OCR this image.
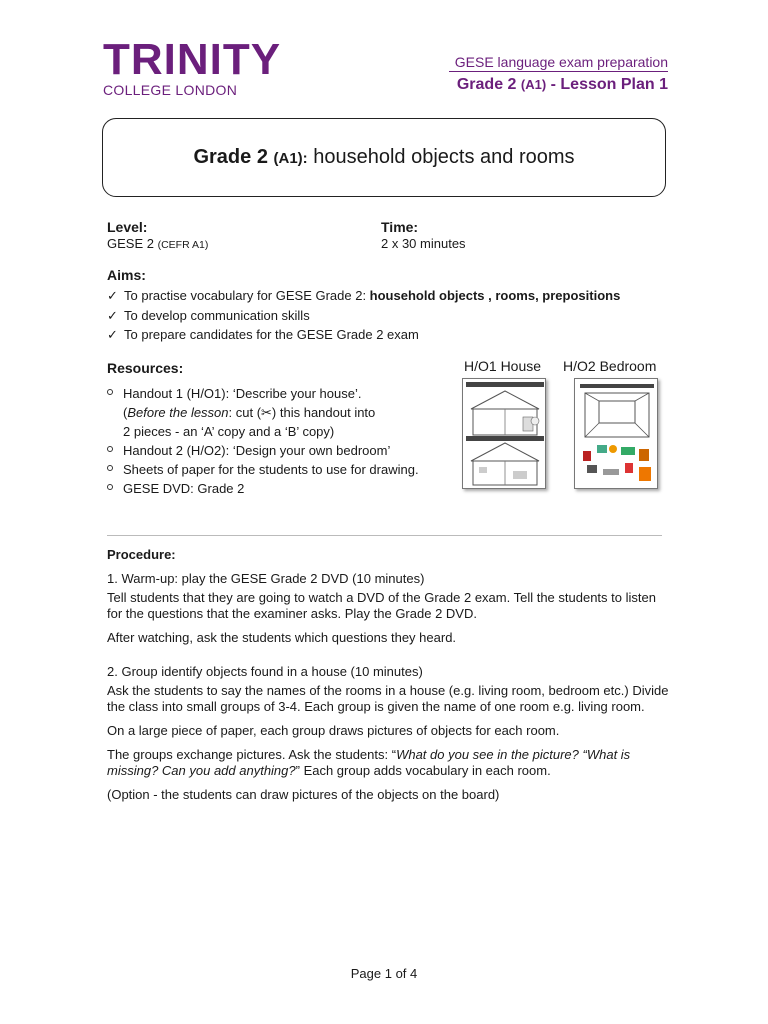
TRINITY
COLLEGE LONDON
GESE language exam preparation
Grade 2 (A1) - Lesson Plan 1
Grade 2 (A1): household objects and rooms
Level:
GESE 2 (CEFR A1)
Time:
2 x 30 minutes
Aims:
✓ To practise vocabulary for GESE Grade 2: household objects , rooms, prepositions
✓ To develop communication skills
✓ To prepare candidates for the GESE Grade 2 exam
Resources:
Handout 1 (H/O1): ‘Describe your house’.
(Before the lesson: cut (✂) this handout into
2 pieces - an ‘A’ copy and a ‘B’ copy)
Handout 2 (H/O2): ‘Design your own bedroom’
Sheets of paper for the students to use for drawing.
GESE DVD: Grade 2
H/O1 House H/O2 Bedroom
Procedure:
1. Warm-up: play the GESE Grade 2 DVD (10 minutes)

Tell students that they are going to watch a DVD of the Grade 2 exam. Tell the students to listen for the questions that the examiner asks. Play the Grade 2 DVD.

After watching, ask the students which questions they heard.

2. Group identify objects found in a house (10 minutes)

Ask the students to say the names of the rooms in a house (e.g. living room, bedroom etc.) Divide the class into small groups of 3-4. Each group is given the name of one room e.g. living room.

On a large piece of paper, each group draws pictures of objects for each room.

The groups exchange pictures. Ask the students: “What do you see in the picture? “What is missing? Can you add anything?” Each group adds vocabulary in each room.

(Option - the students can draw pictures of the objects on the board)

Page 1 of 4
